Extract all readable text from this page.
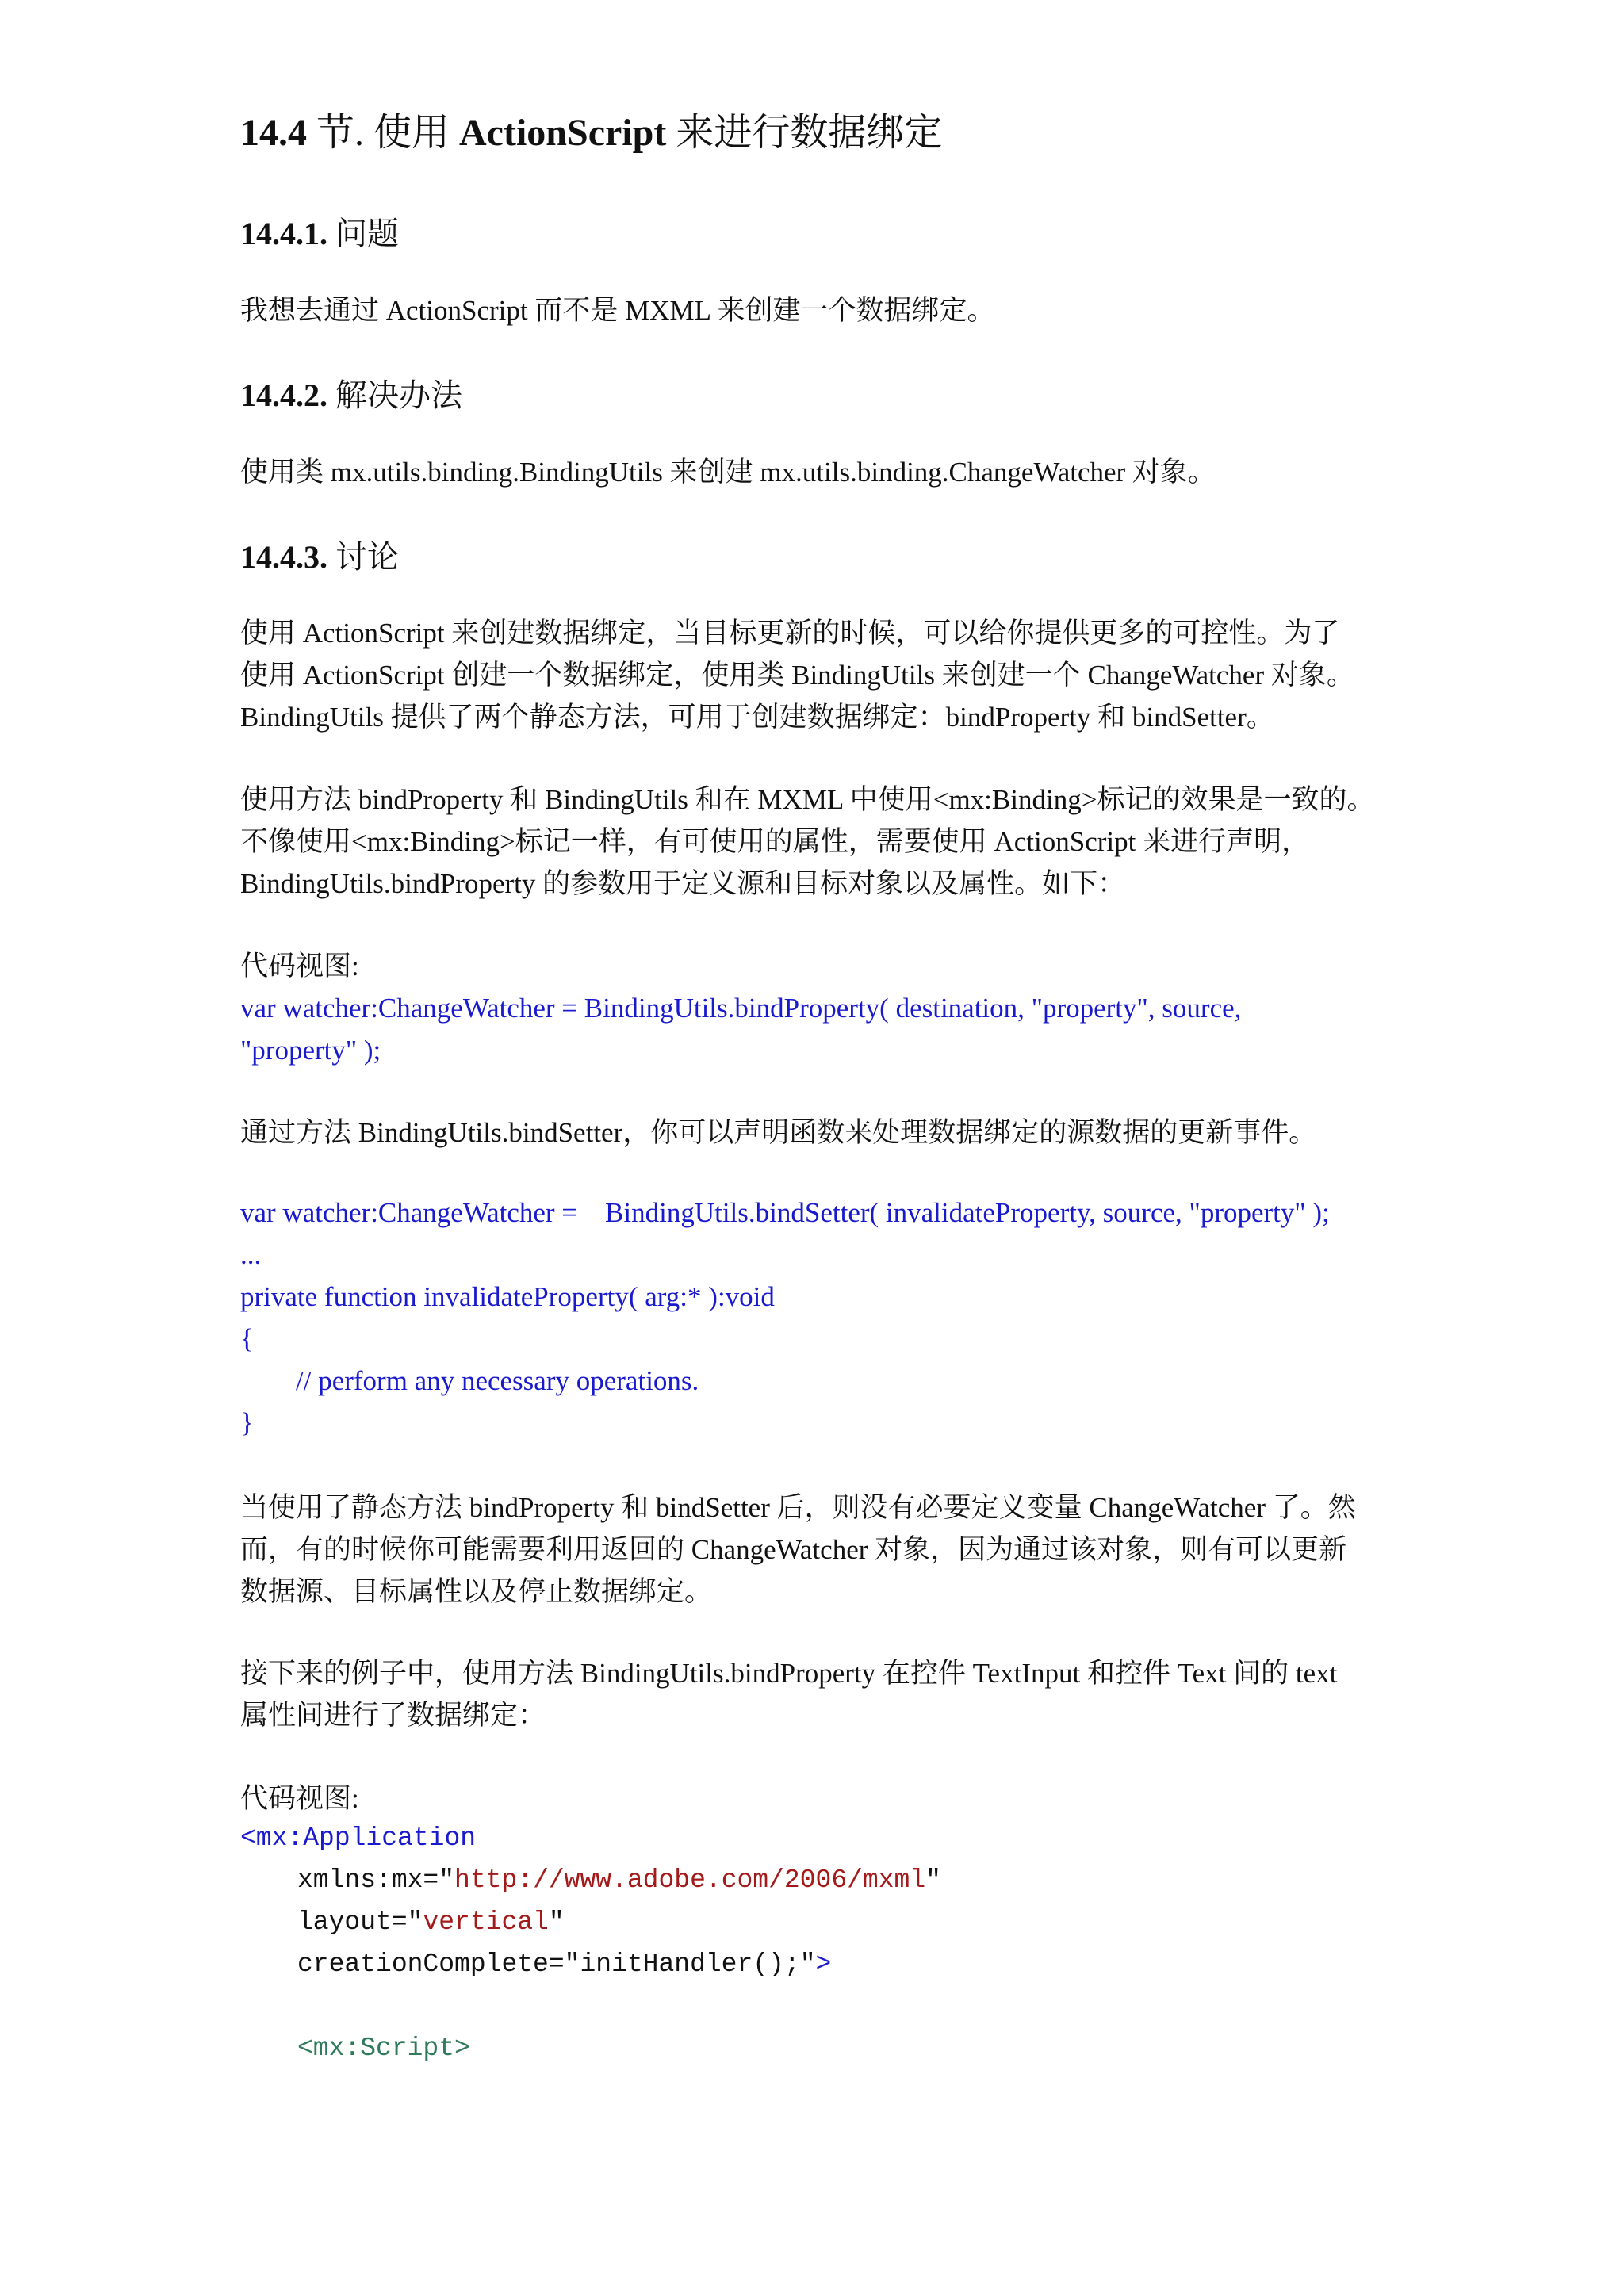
14.4 节. 使用 ActionScript 来进行数据绑定
14.4.1. 问题
我想去通过 ActionScript 而不是 MXML 来创建一个数据绑定。
14.4.2. 解决办法
使用类 mx.utils.binding.BindingUtils 来创建 mx.utils.binding.ChangeWatcher 对象。
14.4.3. 讨论
使用 ActionScript 来创建数据绑定，当目标更新的时候，可以给你提供更多的可控性。为了
使用 ActionScript 创建一个数据绑定，使用类 BindingUtils 来创建一个 ChangeWatcher 对象。
BindingUtils 提供了两个静态方法，可用于创建数据绑定：bindProperty 和 bindSetter。
使用方法 bindProperty 和 BindingUtils 和在 MXML 中使用<mx:Binding>标记的效果是一致的。
不像使用<mx:Binding>标记一样，有可使用的属性，需要使用 ActionScript 来进行声明，
BindingUtils.bindProperty 的参数用于定义源和目标对象以及属性。如下：
代码视图:
var watcher:ChangeWatcher = BindingUtils.bindProperty( destination, "property", source,
"property" );
通过方法 BindingUtils.bindSetter，你可以声明函数来处理数据绑定的源数据的更新事件。
var watcher:ChangeWatcher =    BindingUtils.bindSetter( invalidateProperty, source, "property" );
...
private function invalidateProperty( arg:* ):void
{
// perform any necessary operations.
}
当使用了静态方法 bindProperty 和 bindSetter 后，则没有必要定义变量 ChangeWatcher 了。然
而，有的时候你可能需要利用返回的 ChangeWatcher 对象，因为通过该对象，则有可以更新
数据源、目标属性以及停止数据绑定。
接下来的例子中，使用方法 BindingUtils.bindProperty 在控件 TextInput 和控件 Text 间的 text
属性间进行了数据绑定：
代码视图:
<mx:Application
xmlns:mx="http://www.adobe.com/2006/mxml"
layout="vertical"
creationComplete="initHandler();">
<mx:Script>
